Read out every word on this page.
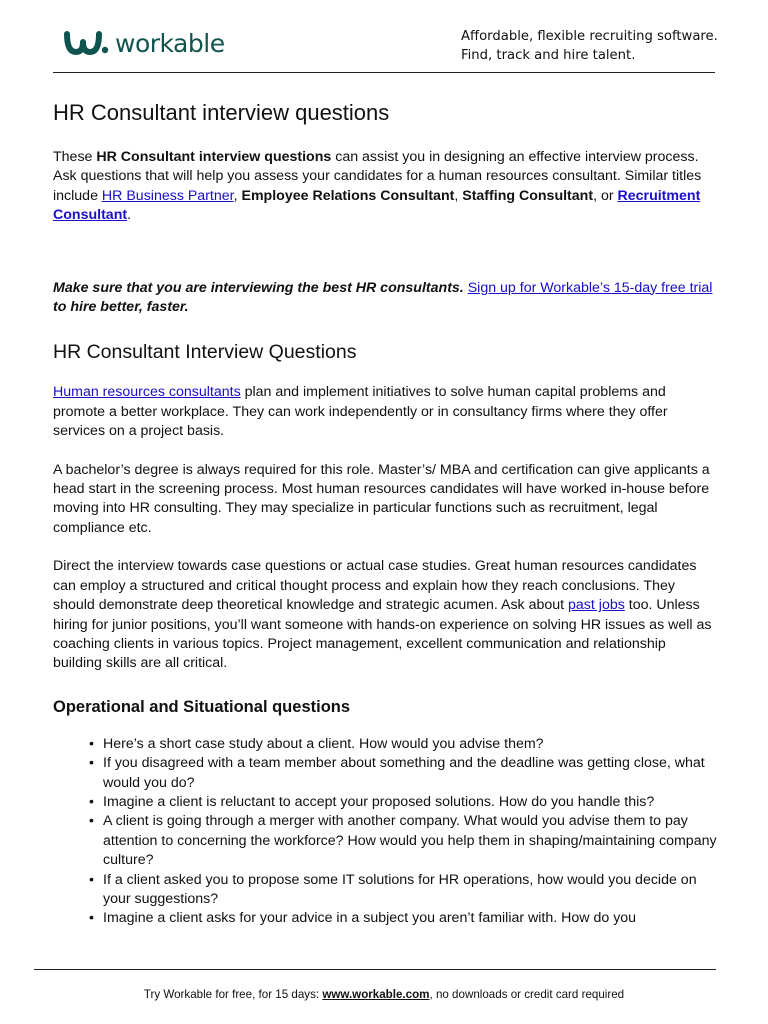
workable	Affordable, flexible recruiting software.
Find, track and hire talent.
HR Consultant interview questions

These HR Consultant interview questions can assist you in designing an effective interview process. Ask questions that will help you assess your candidates for a human resources consultant. Similar titles include HR Business Partner, Employee Relations Consultant, Staffing Consultant, or Recruitment Consultant.

Make sure that you are interviewing the best HR consultants. Sign up for Workable’s 15-day free trial to hire better, faster.

HR Consultant Interview Questions

Human resources consultants plan and implement initiatives to solve human capital problems and promote a better workplace. They can work independently or in consultancy firms where they offer services on a project basis.

A bachelor’s degree is always required for this role. Master’s/ MBA and certification can give applicants a head start in the screening process. Most human resources candidates will have worked in-house before moving into HR consulting. They may specialize in particular functions such as recruitment, legal compliance etc.

Direct the interview towards case questions or actual case studies. Great human resources candidates can employ a structured and critical thought process and explain how they reach conclusions. They should demonstrate deep theoretical knowledge and strategic acumen. Ask about past jobs too. Unless hiring for junior positions, you’ll want someone with hands-on experience on solving HR issues as well as coaching clients in various topics. Project management, excellent communication and relationship building skills are all critical.

Operational and Situational questions
• Here’s a short case study about a client. How would you advise them?
• If you disagreed with a team member about something and the deadline was getting close, what would you do?
• Imagine a client is reluctant to accept your proposed solutions. How do you handle this?
• A client is going through a merger with another company. What would you advise them to pay attention to concerning the workforce? How would you help them in shaping/maintaining company culture?
• If a client asked you to propose some IT solutions for HR operations, how would you decide on your suggestions?
• Imagine a client asks for your advice in a subject you aren’t familiar with. How do you
Try Workable for free, for 15 days: www.workable.com, no downloads or credit card required
